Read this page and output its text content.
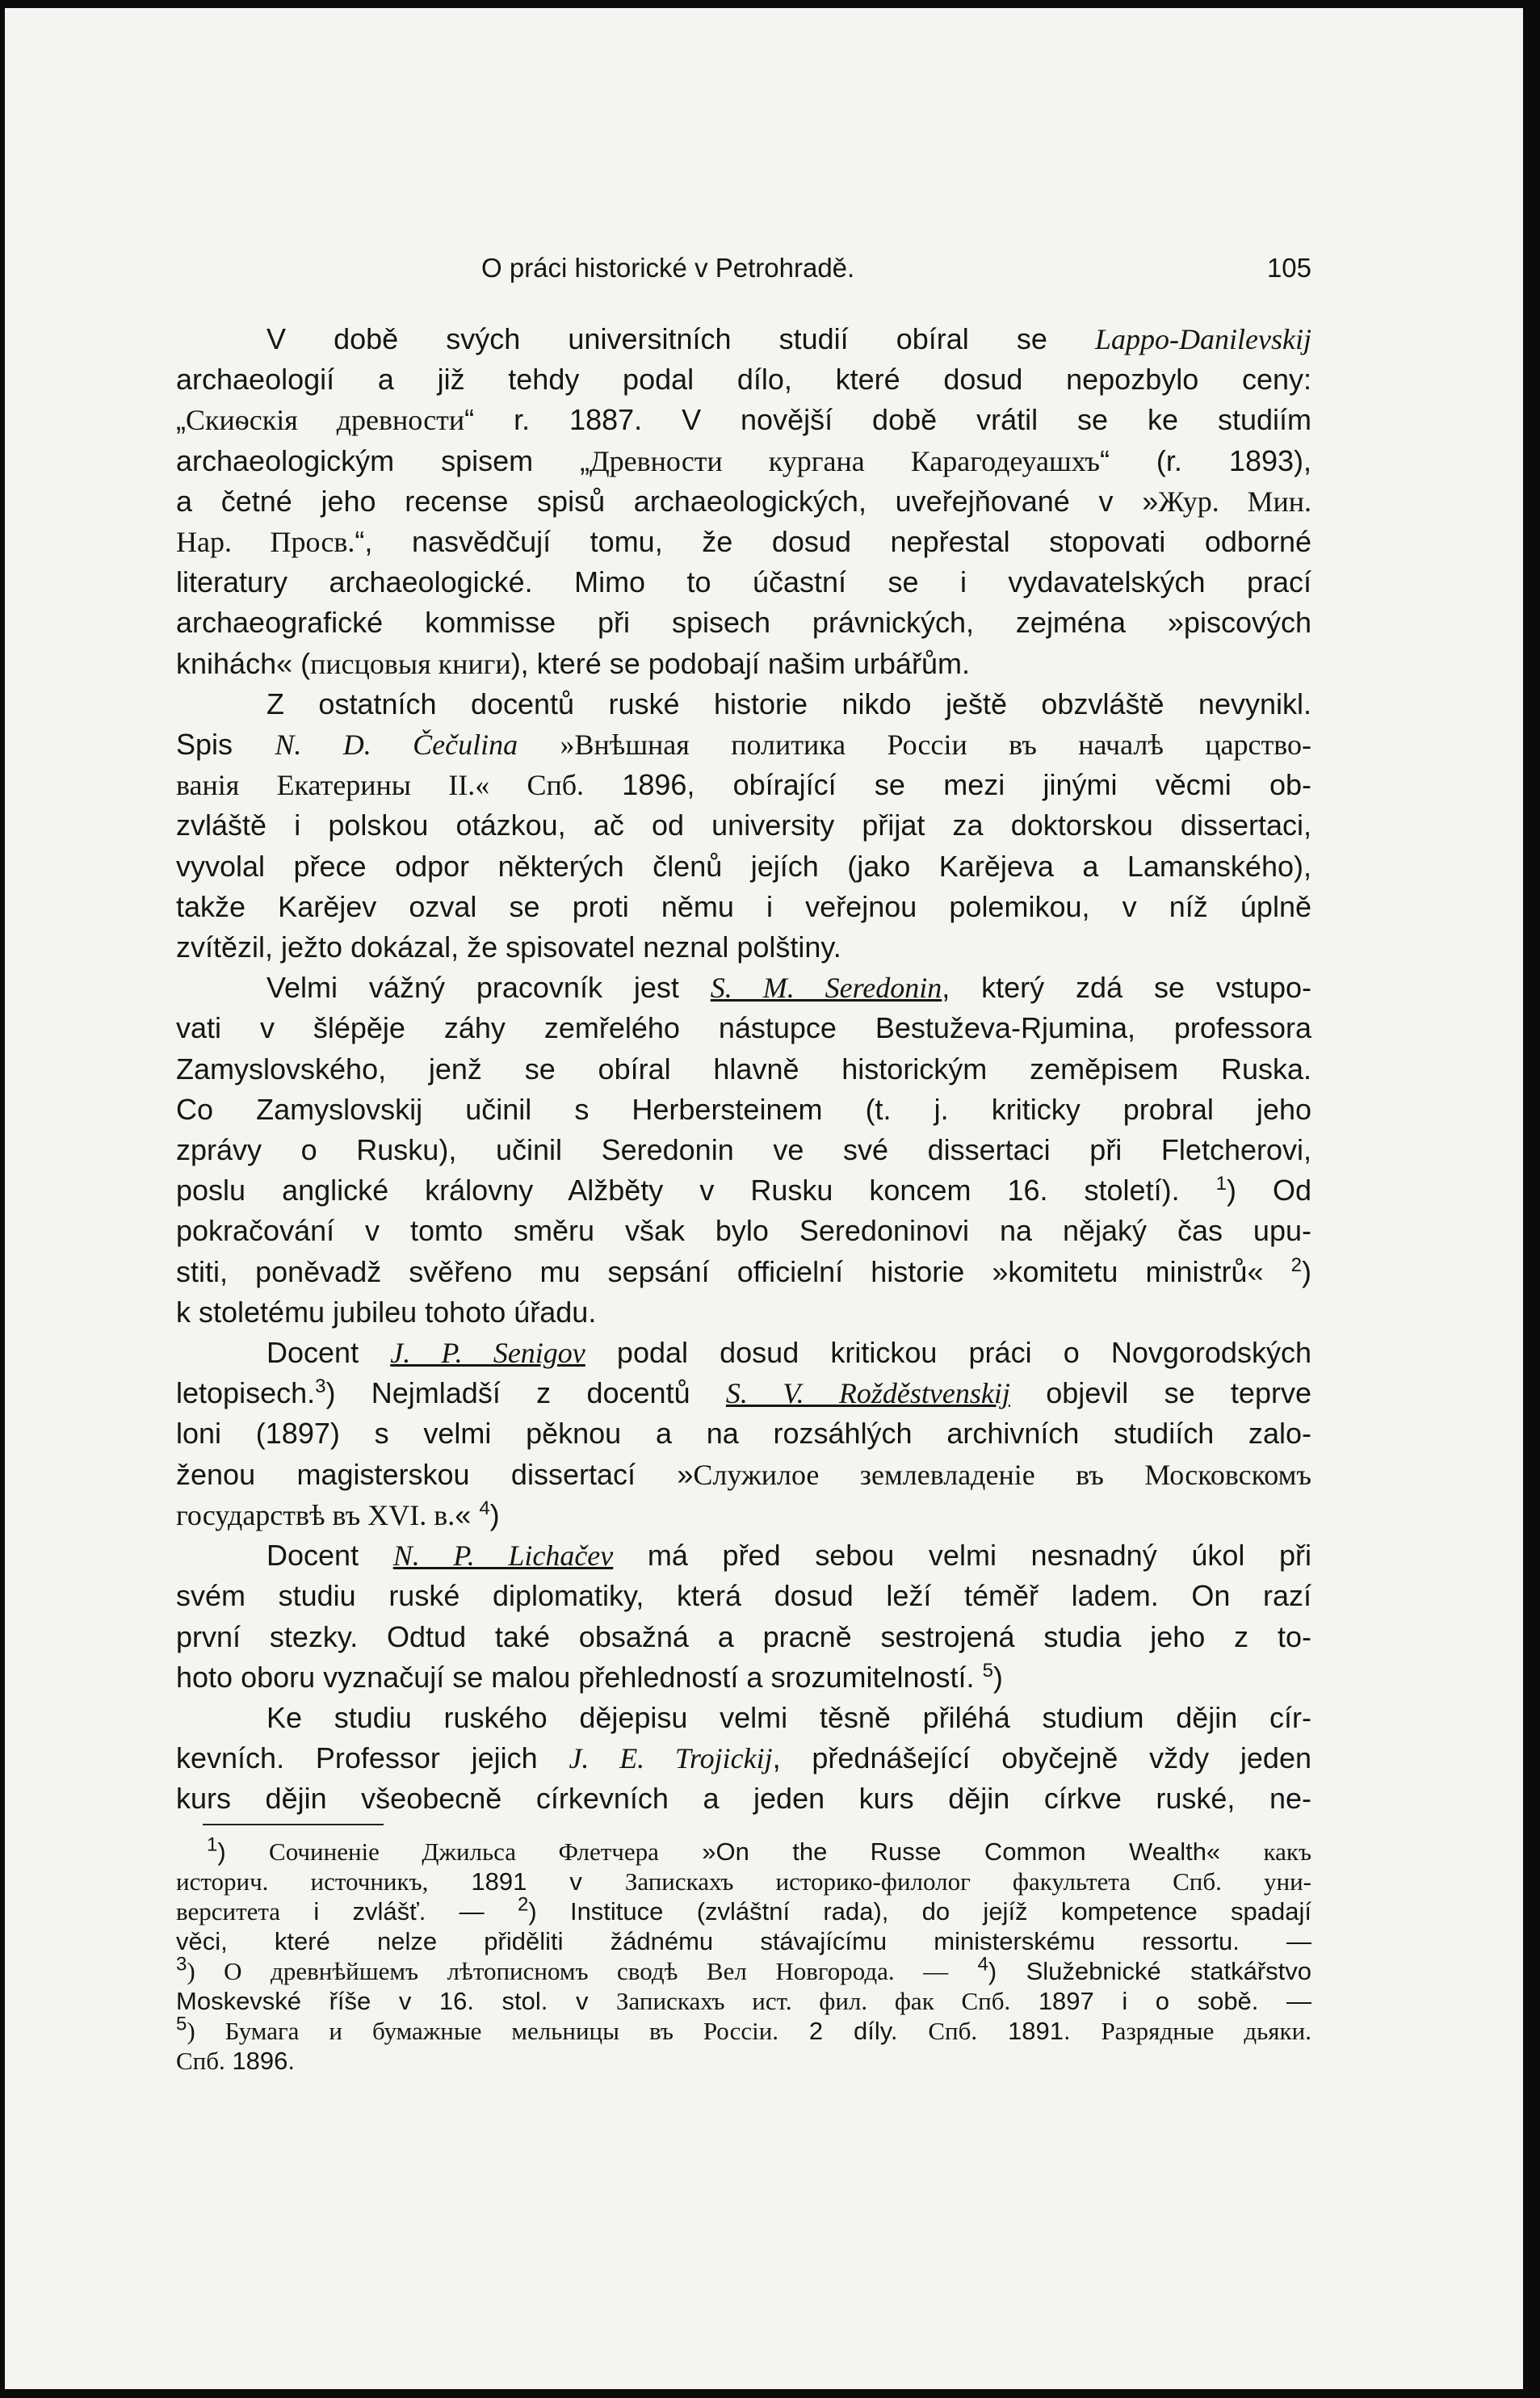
O práci historické v Petrohradě.	105

V době svých universitních studií obíral se Lappo-Danilevskij

archaeologií a již tehdy podal dílo, které dosud nepozbylo ceny:
„Скиѳскія древности“ r. 1887. V novější době vrátil se ke studiím
archaeologickým spisem „Древности кургана Карагодеуашхъ“ (r. 1893),
a četné jeho recense spisů archaeologických, uveřejňované v »Жур. Мин.
Нар. Просв.“, nasvědčují tomu, že dosud nepřestal stopovati odborné
literatury archaeologické. Mimo to účastní se i vydavatelských prací
archaeografické kommisse při spisech právnických, zejména »piscových
knihách« (писцовыя книги), které se podobají našim urbářům.

Z ostatních docentů ruské historie nikdo ještě obzvláště nevynikl.
Spis N. D. Čečulina »Внѣшная политика Россіи въ началѣ царство-
ванія Екатерины II.« Спб. 1896, obírající se mezi jinými věcmi ob-
zvláště i polskou otázkou, ač od university přijat za doktorskou dissertaci,
vyvolal přece odpor některých členů jejích (jako Karějeva a Lamanského),
takže Karějev ozval se proti němu i veřejnou polemikou, v níž úplně
zvítězil, ježto dokázal, že spisovatel neznal polštiny.

Velmi vážný pracovník jest S. M. Seredonin, který zdá se vstupo-
vati v šlépěje záhy zemřelého nástupce Bestuževa-Rjumina, professora
Zamyslovského, jenž se obíral hlavně historickým zeměpisem Ruska.
Co Zamyslovskij učinil s Herbersteinem (t. j. kriticky probral jeho
zprávy o Rusku), učinil Seredonin ve své dissertaci při Fletcherovi,
poslu anglické královny Alžběty v Rusku koncem 16. století). $^1$) Od
pokračování v tomto směru však bylo Seredoninovi na nějaký čas upu-
stiti, poněvadž svěřeno mu sepsání officielní historie »komitetu ministrů« $^2$)
k stoletému jubileu tohoto úřadu.

Docent J. P. Senigov podal dosud kritickou práci o Novgorodských
letopisech.$^3$) Nejmladší z docentů S. V. Rožděstvenskij objevil se teprve
loni (1897) s velmi pěknou a na rozsáhlých archivních studiích zalo-
ženou magisterskou dissertací »Служилое землевладеніе въ Московскомъ
государствѣ въ XVI. в.« $^4$)

Docent N. P. Lichačev má před sebou velmi nesnadný úkol při
svém studiu ruské diplomatiky, která dosud leží téměř ladem. On razí
první stezky. Odtud také obsažná a pracně sestrojená studia jeho z to-
hoto oboru vyznačují se malou přehledností a srozumitelností. $^5$)

Ke studiu ruského dějepisu velmi těsně přiléhá studium dějin cír-
kevních. Professor jejich J. E. Trojickij, přednášející obyčejně vždy jeden
kurs dějin všeobecně církevních a jeden kurs dějin církve ruské, ne-

$^1$) Сочиненіе Джильса Флетчера »On the Russe Common Wealth« какъ
историч. источникъ, 1891 v Запискахъ историко-филолог факультета Спб. уни-
верситета i zvlášť. — $^2$) Instituce (zvláštní rada), do jejíž kompetence spadají
věci, které nelze přiděliti žádnému stávajícímu ministerskému ressortu. —
$^3$) О древнѣйшемъ лѣтописномъ сводѣ Вел Новгорода. — $^4$) Služebnické statkářstvo
Moskevské říše v 16. stol. v Запискахъ ист. фил. фак Спб. 1897 i o sobě. —
$^5$) Бумага и бумажные мельницы въ Россіи. 2 díly. Спб. 1891. Разрядные дьяки.
Спб. 1896.
